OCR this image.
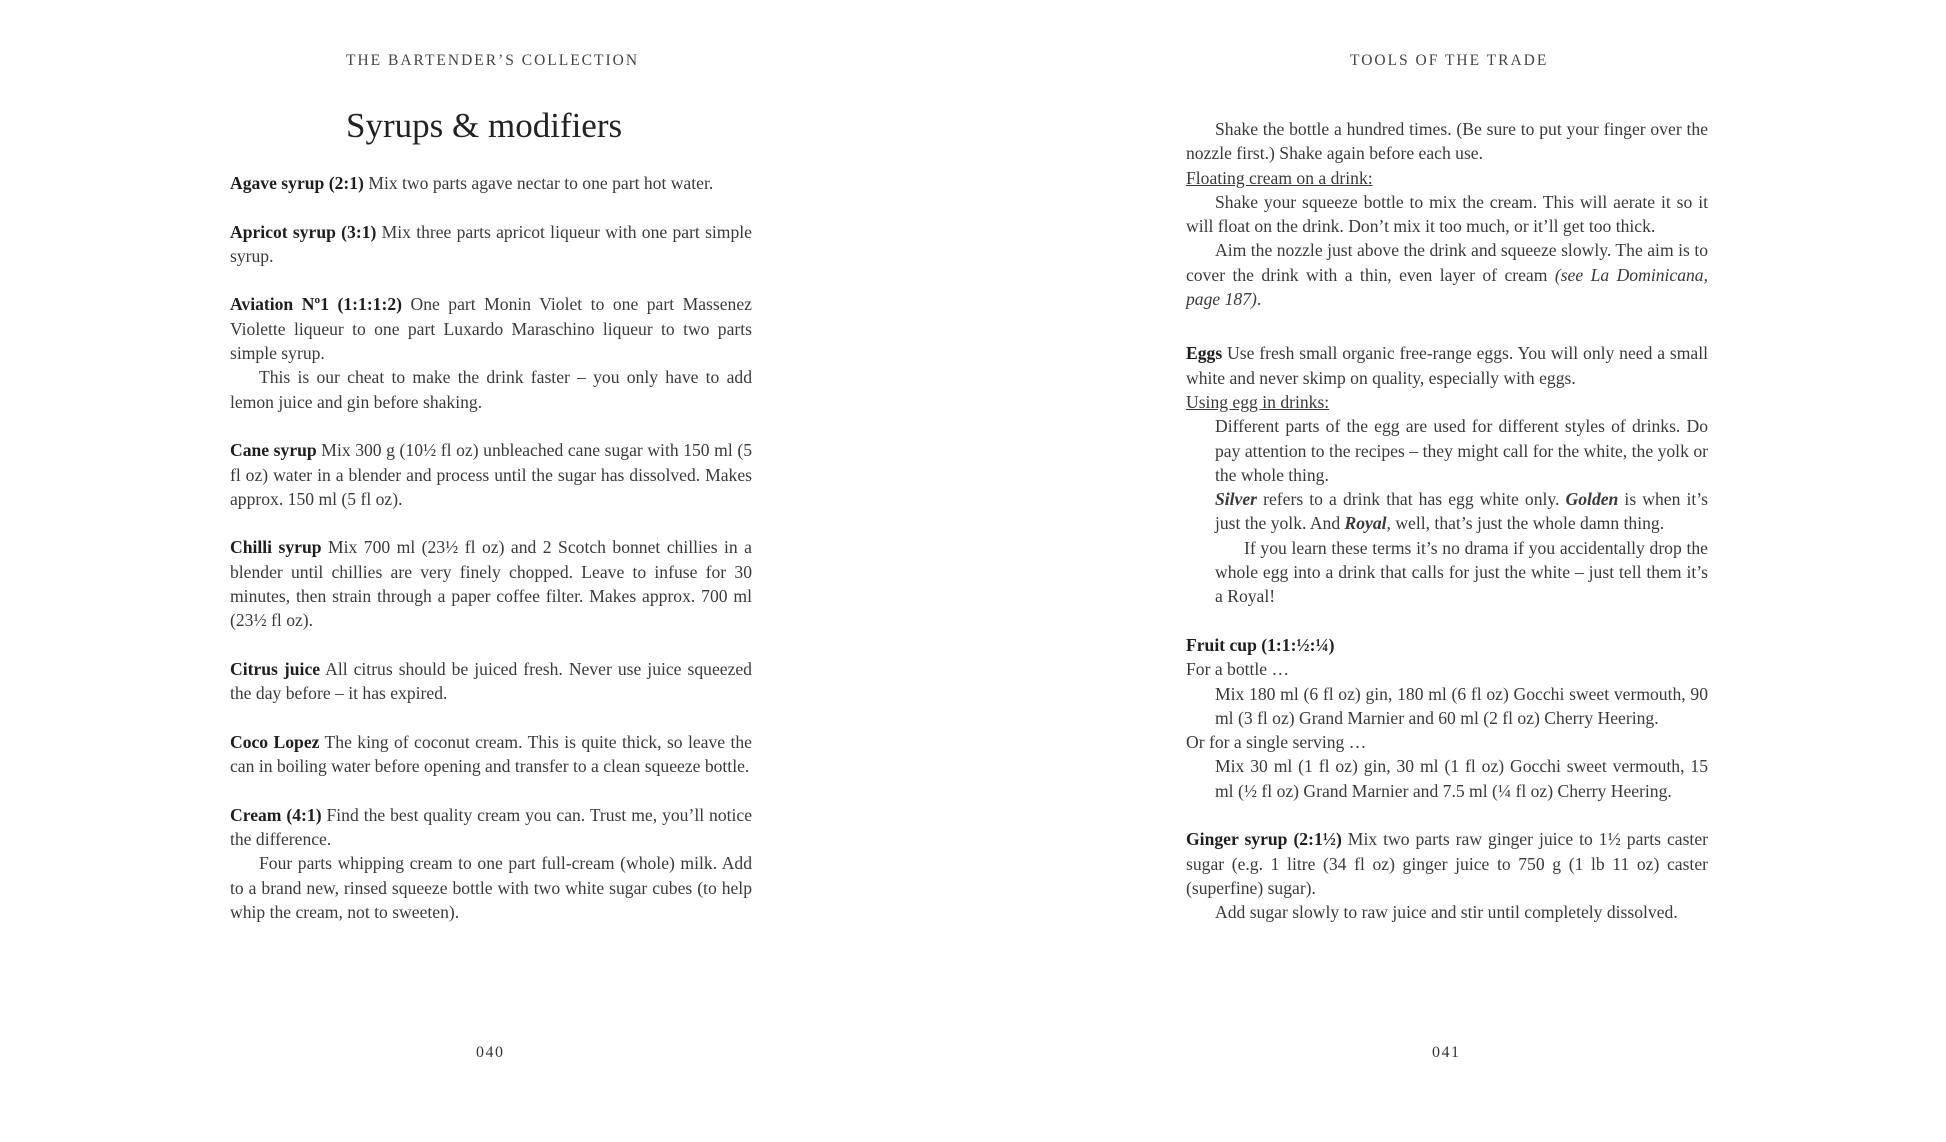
THE BARTENDER’S COLLECTION
Syrups & modifiers

Agave syrup (2:1) Mix two parts agave nectar to one part hot water.

Apricot syrup (3:1) Mix three parts apricot liqueur with one part simple syrup.

Aviation Nº1 (1:1:1:2) One part Monin Violet to one part Massenez Violette liqueur to one part Luxardo Maraschino liqueur to two parts simple syrup.

This is our cheat to make the drink faster – you only have to add lemon juice and gin before shaking.

Cane syrup Mix 300 g (10½ fl oz) unbleached cane sugar with 150 ml (5 fl oz) water in a blender and process until the sugar has dissolved. Makes approx. 150 ml (5 fl oz).

Chilli syrup Mix 700 ml (23½ fl oz) and 2 Scotch bonnet chillies in a blender until chillies are very finely chopped. Leave to infuse for 30 minutes, then strain through a paper coffee filter. Makes approx. 700 ml (23½ fl oz).

Citrus juice All citrus should be juiced fresh. Never use juice squeezed the day before – it has expired.

Coco Lopez The king of coconut cream. This is quite thick, so leave the can in boiling water before opening and transfer to a clean squeeze bottle.

Cream (4:1) Find the best quality cream you can. Trust me, you’ll notice the difference.

Four parts whipping cream to one part full-cream (whole) milk. Add to a brand new, rinsed squeeze bottle with two white sugar cubes (to help whip the cream, not to sweeten).

040
TOOLS OF THE TRADE

Shake the bottle a hundred times. (Be sure to put your finger over the nozzle first.) Shake again before each use.

Floating cream on a drink:

Shake your squeeze bottle to mix the cream. This will aerate it so it will float on the drink. Don’t mix it too much, or it’ll get too thick.

Aim the nozzle just above the drink and squeeze slowly. The aim is to cover the drink with a thin, even layer of cream (see La Dominicana, page 187).

Eggs Use fresh small organic free-range eggs. You will only need a small white and never skimp on quality, especially with eggs.

Using egg in drinks:

Different parts of the egg are used for different styles of drinks. Do pay attention to the recipes – they might call for the white, the yolk or the whole thing.

Silver refers to a drink that has egg white only. Golden is when it’s just the yolk. And Royal, well, that’s just the whole damn thing.

If you learn these terms it’s no drama if you accidentally drop the whole egg into a drink that calls for just the white – just tell them it’s a Royal!

Fruit cup (1:1:½:¼)

For a bottle …

Mix 180 ml (6 fl oz) gin, 180 ml (6 fl oz) Gocchi sweet vermouth, 90 ml (3 fl oz) Grand Marnier and 60 ml (2 fl oz) Cherry Heering.

Or for a single serving …

Mix 30 ml (1 fl oz) gin, 30 ml (1 fl oz) Gocchi sweet vermouth, 15 ml (½ fl oz) Grand Marnier and 7.5 ml (¼ fl oz) Cherry Heering.

Ginger syrup (2:1½) Mix two parts raw ginger juice to 1½ parts caster sugar (e.g. 1 litre (34 fl oz) ginger juice to 750 g (1 lb 11 oz) caster (superfine) sugar).

Add sugar slowly to raw juice and stir until completely dissolved.

041
